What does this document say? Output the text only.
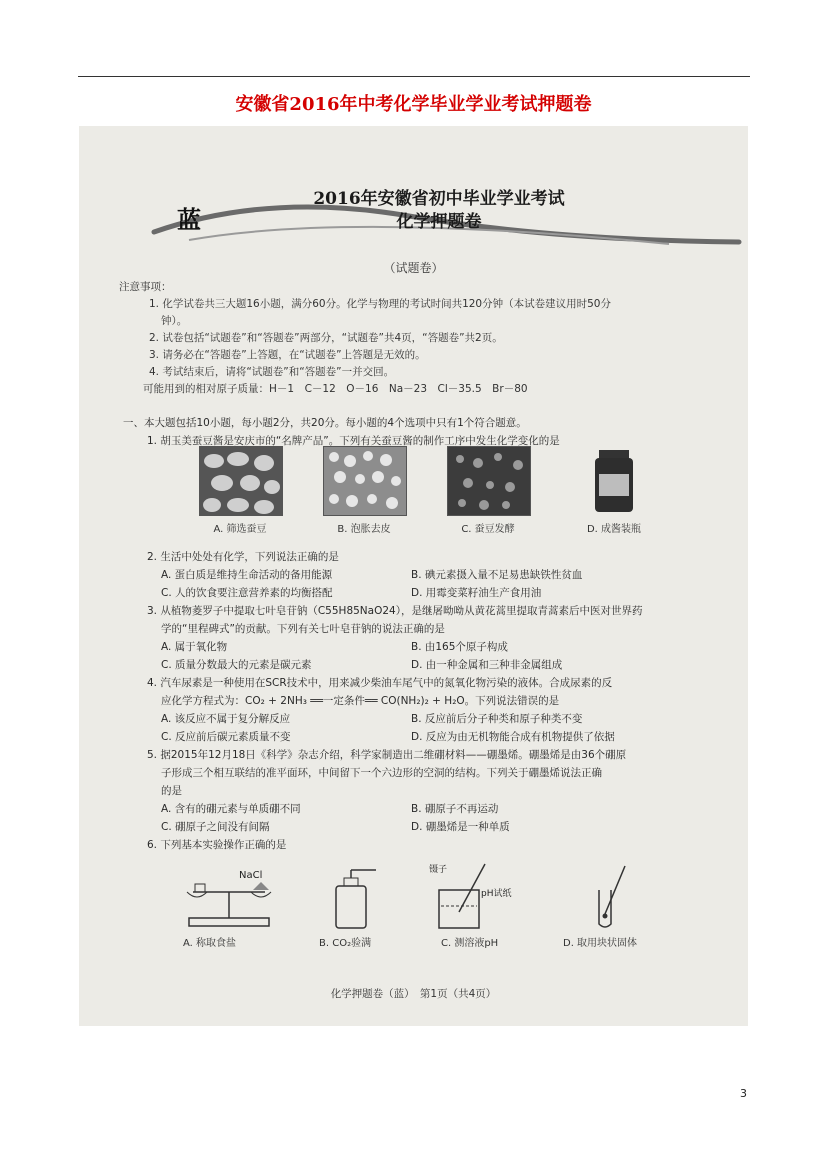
安徽省2016年中考化学毕业学业考试押题卷
蓝
2016年安徽省初中毕业学业考试
化学押题卷
（试题卷）
注意事项：
1. 化学试卷共三大题16小题，满分60分。化学与物理的考试时间共120分钟（本试卷建议用时50分
钟）。
2. 试卷包括“试题卷”和“答题卷”两部分，“试题卷”共4页，“答题卷”共2页。
3. 请务必在“答题卷”上答题，在“试题卷”上答题是无效的。
4. 考试结束后，请将“试题卷”和“答题卷”一并交回。
可能用到的相对原子质量：H－1　C－12　O－16　Na－23　Cl－35.5　Br－80
一、本大题包括10小题，每小题2分，共20分。每小题的4个选项中只有1个符合题意。
1. 胡玉美蚕豆酱是安庆市的“名牌产品”。下列有关蚕豆酱的制作工序中发生化学变化的是
2. 生活中处处有化学，下列说法正确的是
A. 蛋白质是维持生命活动的备用能源	B. 碘元素摄入量不足易患缺铁性贫血
C. 人的饮食要注意营养素的均衡搭配	D. 用霉变菜籽油生产食用油
3. 从植物菱罗子中提取七叶皂苷钠（C55H85NaO24），是继屠呦呦从黄花蒿里提取青蒿素后中医对世界药
学的“里程碑式”的贡献。下列有关七叶皂苷钠的说法正确的是
A. 属于氧化物	B. 由165个原子构成
C. 质量分数最大的元素是碳元素	D. 由一种金属和三种非金属组成
4. 汽车尿素是一种使用在SCR技术中，用来减少柴油车尾气中的氮氧化物污染的液体。合成尿素的反
应化学方程式为：CO₂ + 2NH₃ ══一定条件══ CO(NH₂)₂ + H₂O。下列说法错误的是
A. 该反应不属于复分解反应	B. 反应前后分子种类和原子种类不变
C. 反应前后碳元素质量不变	D. 反应为由无机物能合成有机物提供了依据
5. 据2015年12月18日《科学》杂志介绍，科学家制造出二维硼材料——硼墨烯。硼墨烯是由36个硼原
子形成三个相互联结的准平面环，中间留下一个六边形的空洞的结构。下列关于硼墨烯说法正确
的是
A. 含有的硼元素与单质硼不同	B. 硼原子不再运动
C. 硼原子之间没有间隔	D. 硼墨烯是一种单质
6. 下列基本实验操作正确的是
A. 筛选蚕豆	B. 泡胀去皮	C. 蚕豆发酵	D. 成酱装瓶
NaCl	镊子
pH试纸
A. 称取食盐	B. CO₂验满	C. 测溶液pH	D. 取用块状固体
化学押题卷（蓝）　第1页（共4页）
3
